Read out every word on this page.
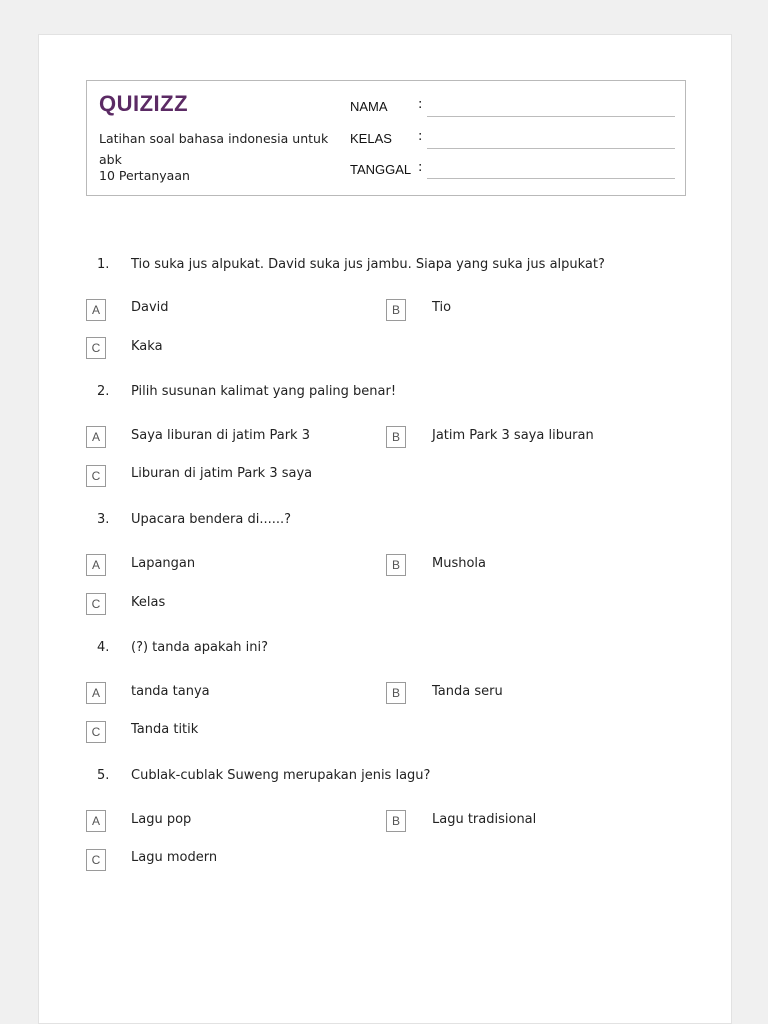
QUIZIZZ
Latihan soal bahasa indonesia untuk abk
10 Pertanyaan
NAMA :
KELAS :
TANGGAL :
1. Tio suka jus alpukat. David suka jus jambu. Siapa yang suka jus alpukat?
A	David	B	Tio
C	Kaka
2. Pilih susunan kalimat yang paling benar!
A	Saya liburan di jatim Park 3	B	Jatim Park 3 saya liburan
C	Liburan di jatim Park 3 saya
3. Upacara bendera di......?
A	Lapangan	B	Mushola
C	Kelas
4. (?) tanda apakah ini?
A	tanda tanya	B	Tanda seru
C	Tanda titik
5. Cublak-cublak Suweng merupakan jenis lagu?
A	Lagu pop	B	Lagu tradisional
C	Lagu modern
